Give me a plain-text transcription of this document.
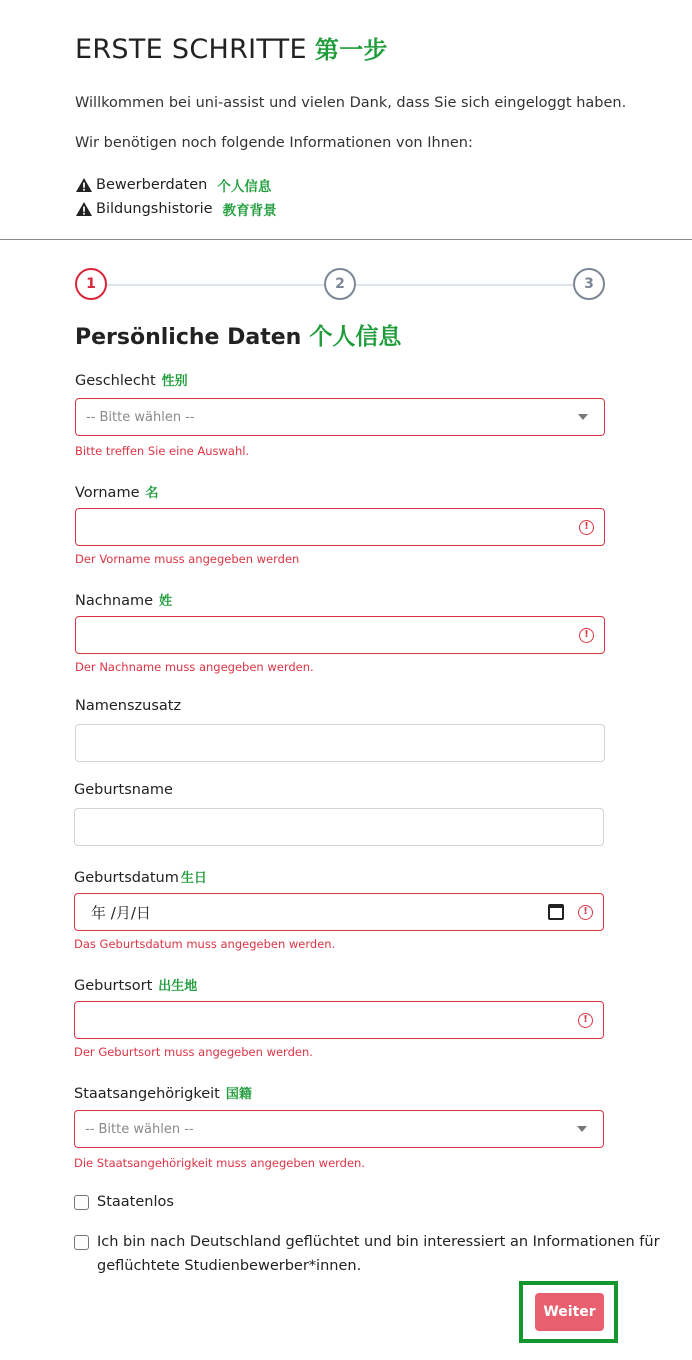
ERSTE SCHRITTE 第一步
Willkommen bei uni-assist und vielen Dank, dass Sie sich eingeloggt haben.
Wir benötigen noch folgende Informationen von Ihnen:
Bewerberdaten 个人信息
Bildungshistorie 教育背景
1	2	3
Persönliche Daten 个人信息
Geschlecht 性别
-- Bitte wählen --
Bitte treffen Sie eine Auswahl.
Vorname 名
!
Der Vorname muss angegeben werden
Nachname 姓
!
Der Nachname muss angegeben werden.
Namenszusatz
Geburtsname
Geburtsdatum 生日
年 /月/日	!
Das Geburtsdatum muss angegeben werden.
Geburtsort 出生地
!
Der Geburtsort muss angegeben werden.
Staatsangehörigkeit 国籍
-- Bitte wählen --
Die Staatsangehörigkeit muss angegeben werden.
Staatenlos
Ich bin nach Deutschland geflüchtet und bin interessiert an Informationen für
geflüchtete Studienbewerber*innen.
Weiter
